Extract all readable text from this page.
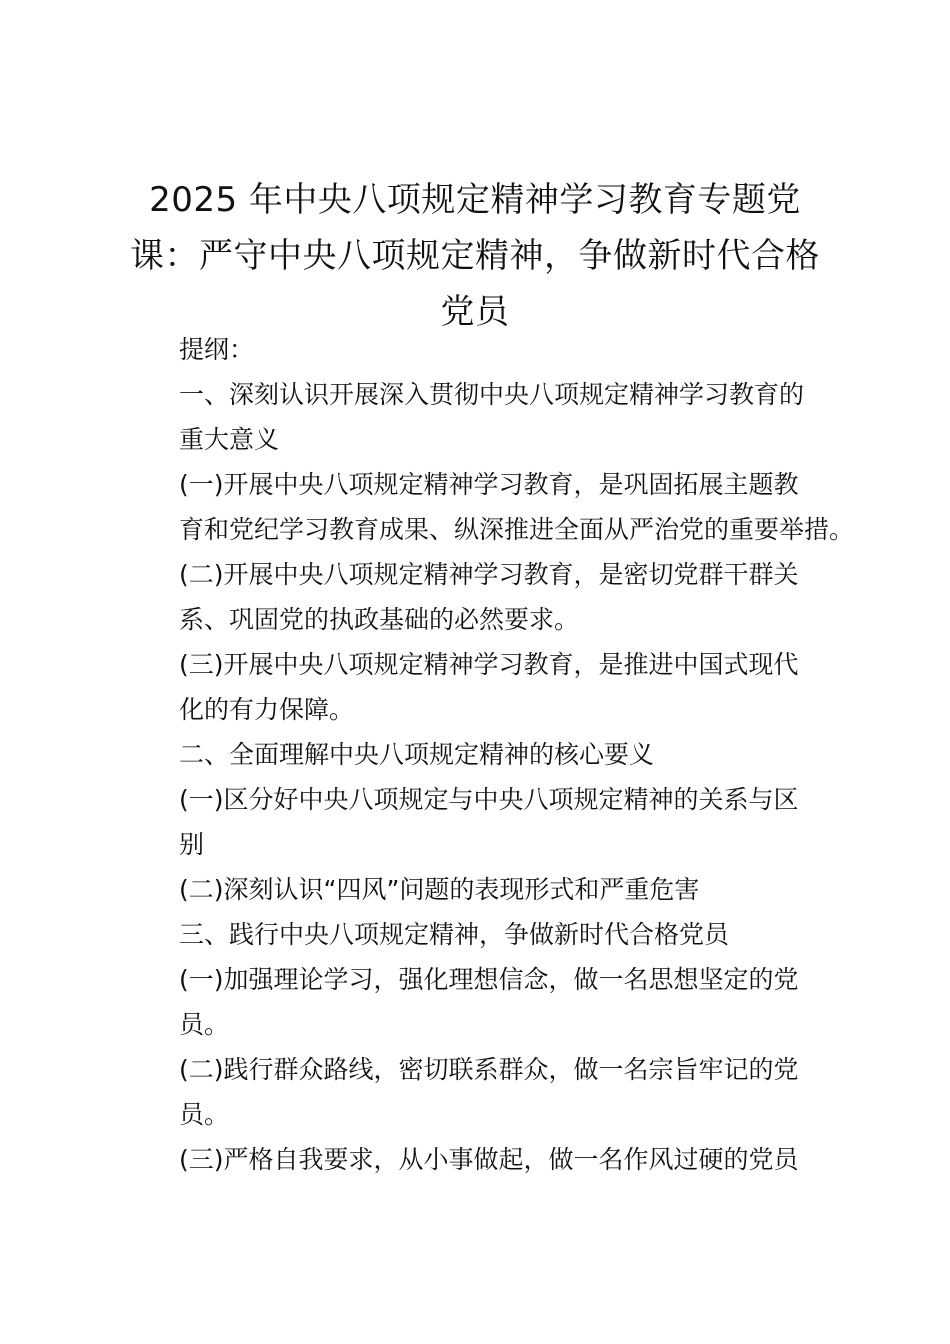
2025 年中央八项规定精神学习教育专题党
课：严守中央八项规定精神，争做新时代合格
党员

提纲：

一、深刻认识开展深入贯彻中央八项规定精神学习教育的
重大意义

(一)开展中央八项规定精神学习教育，是巩固拓展主题教
育和党纪学习教育成果、纵深推进全面从严治党的重要举措。

(二)开展中央八项规定精神学习教育，是密切党群干群关
系、巩固党的执政基础的必然要求。

(三)开展中央八项规定精神学习教育，是推进中国式现代
化的有力保障。

二、全面理解中央八项规定精神的核心要义

(一)区分好中央八项规定与中央八项规定精神的关系与区
别

(二)深刻认识“四风”问题的表现形式和严重危害

三、践行中央八项规定精神，争做新时代合格党员

(一)加强理论学习，强化理想信念，做一名思想坚定的党
员。

(二)践行群众路线，密切联系群众，做一名宗旨牢记的党
员。

(三)严格自我要求，从小事做起，做一名作风过硬的党员
